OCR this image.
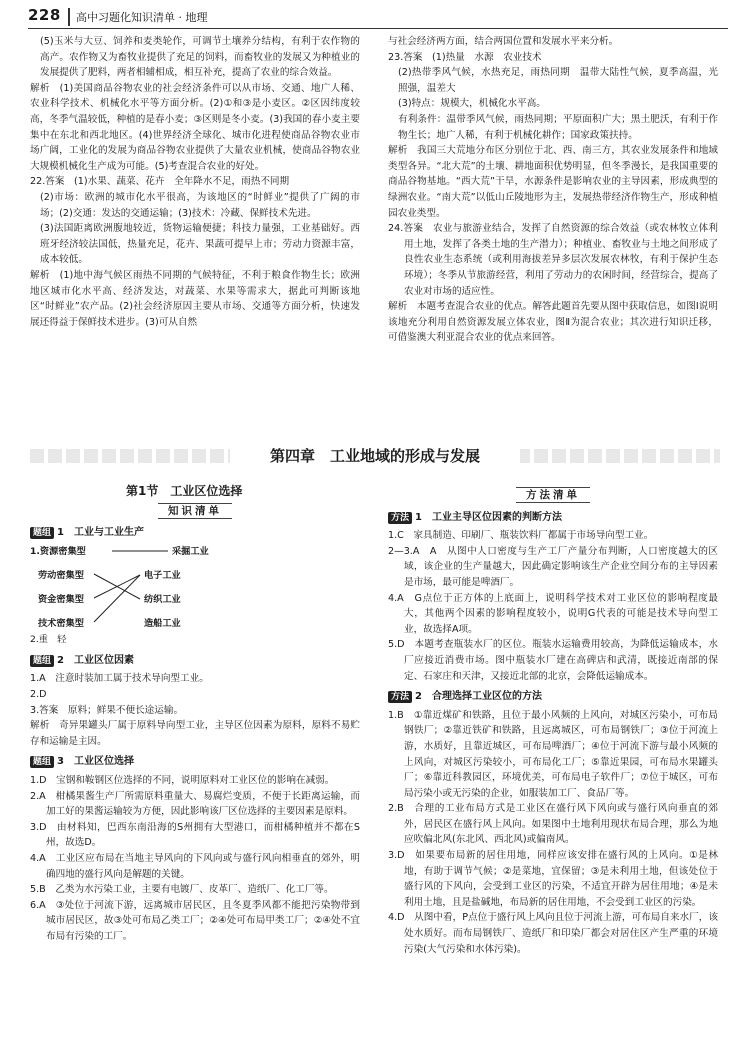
228 高中习题化知识清单 · 地理

(5)玉米与大豆、饲养和麦类轮作，可调节土壤养分结构，有利于农作物的高产。农作物又为畜牧业提供了充足的饲料，而畜牧业的发展又为种植业的发展提供了肥料，两者相辅相成，相互补充，提高了农业的综合效益。

解析　(1)美国商品谷物农业的社会经济条件可以从市场、交通、地广人稀、农业科学技术、机械化水平等方面分析。(2)①和③是小麦区。②区因纬度较高，冬季气温较低，种植的是春小麦；③区则是冬小麦。(3)我国的春小麦主要集中在东北和西北地区。(4)世界经济全球化、城市化进程使商品谷物农业市场广阔，工业化的发展为商品谷物农业提供了大量农业机械，使商品谷物农业大规模机械化生产成为可能。(5)考查混合农业的好处。

22.答案　(1)水果、蔬菜、花卉　全年降水不足，雨热不同期

(2)市场：欧洲的城市化水平很高，为该地区的“时鲜业”提供了广阔的市场；(2)交通：发达的交通运输；(3)技术：冷藏、保鲜技术先进。

(3)法国距离欧洲腹地较近，货物运输便捷；科技力量强，工业基础好。西班牙经济较法国低，热量充足，花卉、果蔬可提早上市；劳动力资源丰富，成本较低。

解析　(1)地中海气候区雨热不同期的气候特征，不利于粮食作物生长；欧洲地区城市化水平高、经济发达，对蔬菜、水果等需求大，据此可判断该地区“时鲜业”农产品。(2)社会经济原因主要从市场、交通等方面分析，快速发展还得益于保鲜技术进步。(3)可从自然

与社会经济两方面，结合两国位置和发展水平来分析。

23.答案　(1)热量　水源　农业技术

(2)热带季风气候，水热充足，雨热同期　温带大陆性气候，夏季高温，光照强，温差大

(3)特点：规模大，机械化水平高。

有利条件：温带季风气候，雨热同期；平原面积广大；黑土肥沃，有利于作物生长；地广人稀，有利于机械化耕作；国家政策扶持。

解析　我国三大荒地分布区分别位于北、西、南三方，其农业发展条件和地域类型各异。“北大荒”的土壤、耕地面积优势明显，但冬季漫长，是我国重要的商品谷物基地。“西大荒”干旱，水源条件是影响农业的主导因素，形成典型的绿洲农业。“南大荒”以低山丘陵地形为主，发展热带经济作物生产，形成种植园农业类型。

24.答案　农业与旅游业结合，发挥了自然资源的综合效益（或农林牧立体利用土地，发挥了各类土地的生产潜力）；种植业、畜牧业与土地之间形成了良性农业生态系统（或利用海拔差异多层次发展农林牧，有利于保护生态环境）；冬季从节旅游经营，利用了劳动力的农闲时间，经营综合，提高了农业对市场的适应性。

解析　本题考查混合农业的优点。解答此题首先要从图中获取信息，如图Ⅰ说明该地充分利用自然资源发展立体农业，图Ⅱ为混合农业；其次进行知识迁移，可借鉴澳大利亚混合农业的优点来回答。

第四章　工业地域的形成与发展
第1节　工业区位选择
知识清单
题组 1　 工业与工业生产
1.资源密集型	采掘工业
劳动密集型
资金密集型
技术密集型
电子工业
纺织工业
造船工业
2.重　轻
题组 2　 工业区位因素

1.A　注意时装加工属于技术导向型工业。

2.D

3.答案　原料；鲜果不便长途运输。

解析　奇异果罐头厂属于原料导向型工业，主导区位因素为原料，原料不易贮存和运输是主因。

题组 3　 工业区位选择

1.D　宝钢和鞍钢区位选择的不同，说明原料对工业区位的影响在减弱。

2.A　柑橘果酱生产厂所需原料重量大、易腐烂变质，不便于长距离运输，而加工好的果酱运输较为方便，因此影响该厂区位选择的主要因素是原料。

3.D　由材料知，巴西东南沿海的S州拥有大型港口，而柑橘种植并不都在S州，故选D。

4.A　工业区应布局在当地主导风向的下风向或与盛行风向相垂直的郊外，明确四地的盛行风向是解题的关键。

5.B　乙类为水污染工业，主要有电镀厂、皮革厂、造纸厂、化工厂等。

6.A　③处位于河流下游，远离城市居民区，且冬夏季风都不能把污染物带到城市居民区，故③处可布局乙类工厂；②④处可布局甲类工厂；②④处不宜布局有污染的工厂。

方法清单
方法 1　 工业主导区位因素的判断方法

1.C　家具制造、印刷厂、瓶装饮料厂都属于市场导向型工业。

2—3.A　A　从图中人口密度与生产工厂产量分布判断，人口密度越大的区域，该企业的生产量越大，因此确定影响该生产企业空间分布的主导因素是市场，最可能是啤酒厂。

4.A　G点位于正方体的上底面上，说明科学技术对工业区位的影响程度最大，其他两个因素的影响程度较小，说明G代表的可能是技术导向型工业，故选择A项。

5.D　本题考查瓶装水厂的区位。瓶装水运输费用较高，为降低运输成本，水厂应接近消费市场。图中瓶装水厂建在高碑店和武清，既接近南部的保定、石家庄和天津，又接近北部的北京，会降低运输成本。

方法 2　 合理选择工业区位的方法

1.B　①靠近煤矿和铁路，且位于最小风频的上风向，对城区污染小，可布局钢铁厂；②靠近铁矿和铁路，且远离城区，可布局钢铁厂；③位于河流上游，水质好，且靠近城区，可布局啤酒厂；④位于河流下游与最小风频的上风向，对城区污染较小，可布局化工厂；⑤靠近果园，可布局水果罐头厂；⑥靠近科教园区，环境优美，可布局电子软件厂；⑦位于城区，可布局污染小或无污染的企业，如服装加工厂、食品厂等。

2.B　合理的工业布局方式是工业区在盛行风下风向或与盛行风向垂直的郊外，居民区在盛行风上风向。如果图中土地利用现状布局合理，那么为地应吹偏北风(东北风、西北风)或偏南风。

3.D　如果要布局新的居住用地，同样应该安排在盛行风的上风向。①是林地，有助于调节气候；②是菜地，宜保留；③是未利用土地，但该处位于盛行风的下风向，会受到工业区的污染，不适宜开辟为居住用地；④是未利用土地，且是盐碱地，布局新的居住用地，不会受到工业区的污染。

4.D　从图中看，P点位于盛行风上风向且位于河流上游，可布局自来水厂，该处水质好。而布局钢铁厂、造纸厂和印染厂都会对居住区产生严重的环境污染(大气污染和水体污染)。
